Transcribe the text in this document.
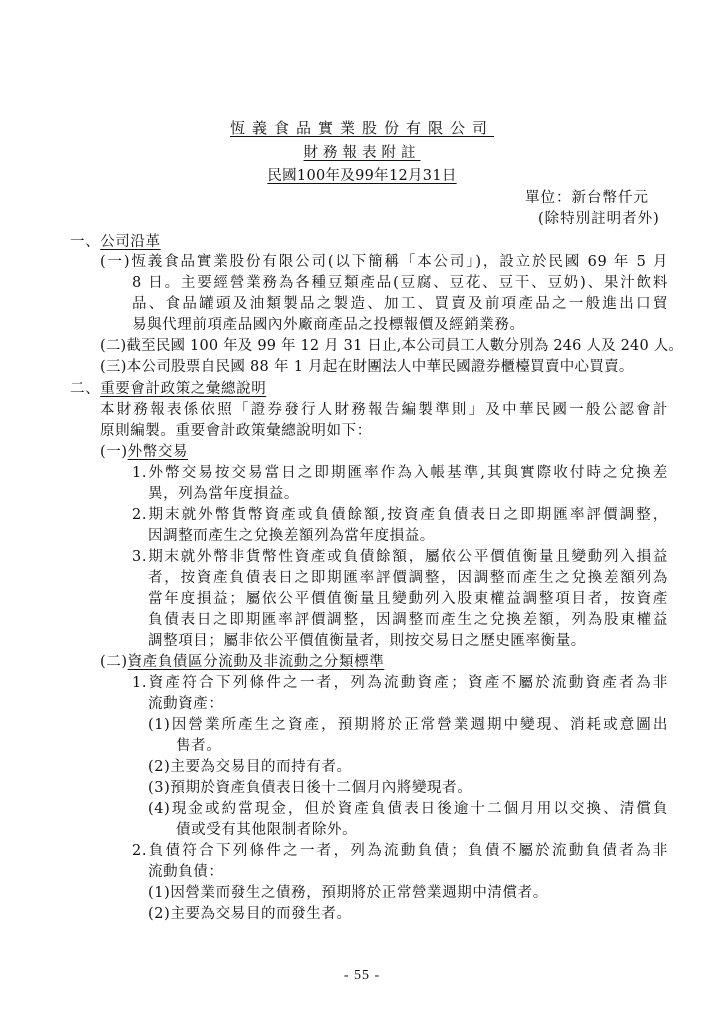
恆義食品實業股份有限公司
財務報表附註
民國100年及99年12月31日
單位：新台幣仟元
(除特別註明者外)
一、公司沿革
(一)恆義食品實業股份有限公司(以下簡稱「本公司」)，設立於民國 69 年 5 月
8 日。主要經營業務為各種豆類產品(豆腐、豆花、豆干、豆奶)、果汁飲料
品、食品罐頭及油類製品之製造、加工、買賣及前項產品之一般進出口貿
易與代理前項產品國內外廠商產品之投標報價及經銷業務。
(二)截至民國 100 年及 99 年 12 月 31 日止,本公司員工人數分別為 246 人及 240 人。
(三)本公司股票自民國 88 年 1 月起在財團法人中華民國證券櫃檯買賣中心買賣。
二、重要會計政策之彙總說明
本財務報表係依照「證券發行人財務報告編製準則」及中華民國一般公認會計
原則編製。重要會計政策彙總說明如下：
(一)外幣交易
1.外幣交易按交易當日之即期匯率作為入帳基準,其與實際收付時之兌換差
異，列為當年度損益。
2.期末就外幣貨幣資產或負債餘額,按資產負債表日之即期匯率評價調整，
因調整而產生之兌換差額列為當年度損益。
3.期末就外幣非貨幣性資產或負債餘額，屬依公平價值衡量且變動列入損益
者，按資產負債表日之即期匯率評價調整，因調整而產生之兌換差額列為
當年度損益；屬依公平價值衡量且變動列入股東權益調整項目者，按資產
負債表日之即期匯率評價調整，因調整而產生之兌換差額，列為股東權益
調整項目；屬非依公平價值衡量者，則按交易日之歷史匯率衡量。
(二)資產負債區分流動及非流動之分類標準
1.資產符合下列條件之一者，列為流動資產；資產不屬於流動資產者為非
流動資產：
(1)因營業所產生之資產，預期將於正常營業週期中變現、消耗或意圖出
售者。
(2)主要為交易目的而持有者。
(3)預期於資產負債表日後十二個月內將變現者。
(4)現金或約當現金，但於資產負債表日後逾十二個月用以交換、清償負
債或受有其他限制者除外。
2.負債符合下列條件之一者，列為流動負債；負債不屬於流動負債者為非
流動負債：
(1)因營業而發生之債務，預期將於正常營業週期中清償者。
(2)主要為交易目的而發生者。
- 55 -
